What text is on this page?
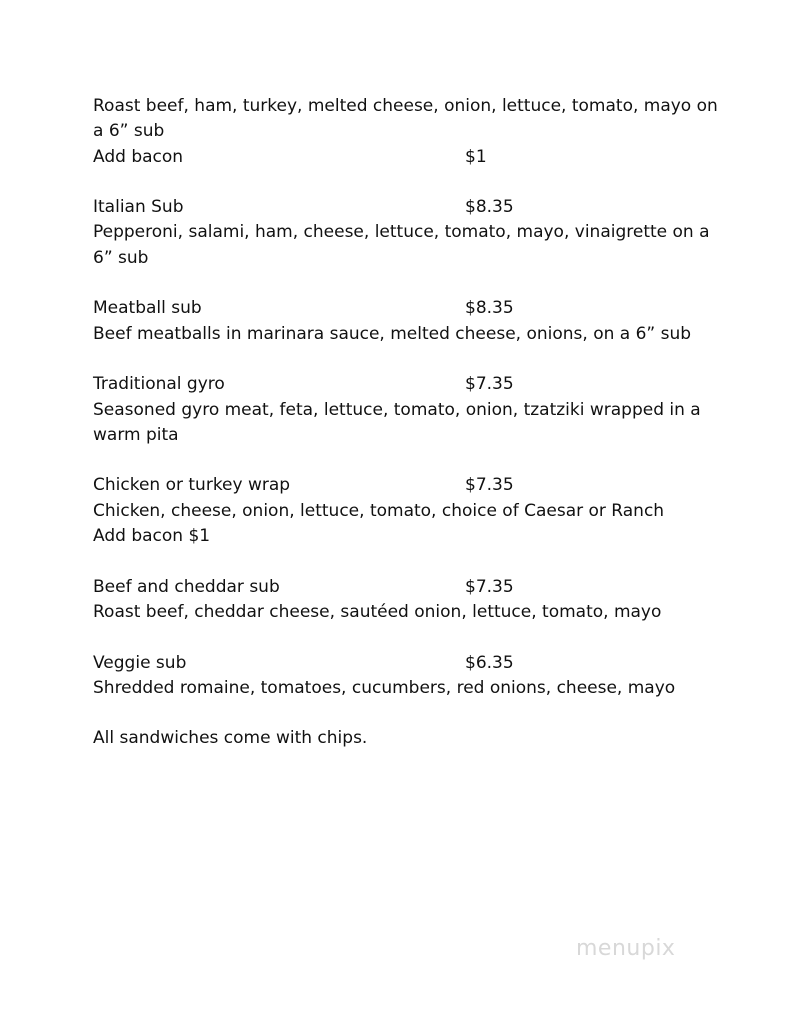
Roast beef, ham, turkey, melted cheese, onion, lettuce, tomato, mayo on a 6” sub
Add bacon	$1
Italian Sub	$8.35
Pepperoni, salami, ham, cheese, lettuce, tomato, mayo, vinaigrette on a 6” sub
Meatball sub	$8.35
Beef meatballs in marinara sauce, melted cheese, onions, on a 6” sub
Traditional gyro	$7.35
Seasoned gyro meat, feta, lettuce, tomato, onion, tzatziki wrapped in a warm pita
Chicken or turkey wrap	$7.35
Chicken, cheese, onion, lettuce, tomato, choice of Caesar or Ranch
Add bacon $1
Beef and cheddar sub	$7.35
Roast beef, cheddar cheese, sautéed onion, lettuce, tomato, mayo
Veggie sub	$6.35
Shredded romaine, tomatoes, cucumbers, red onions, cheese, mayo
All sandwiches come with chips.
menupix
